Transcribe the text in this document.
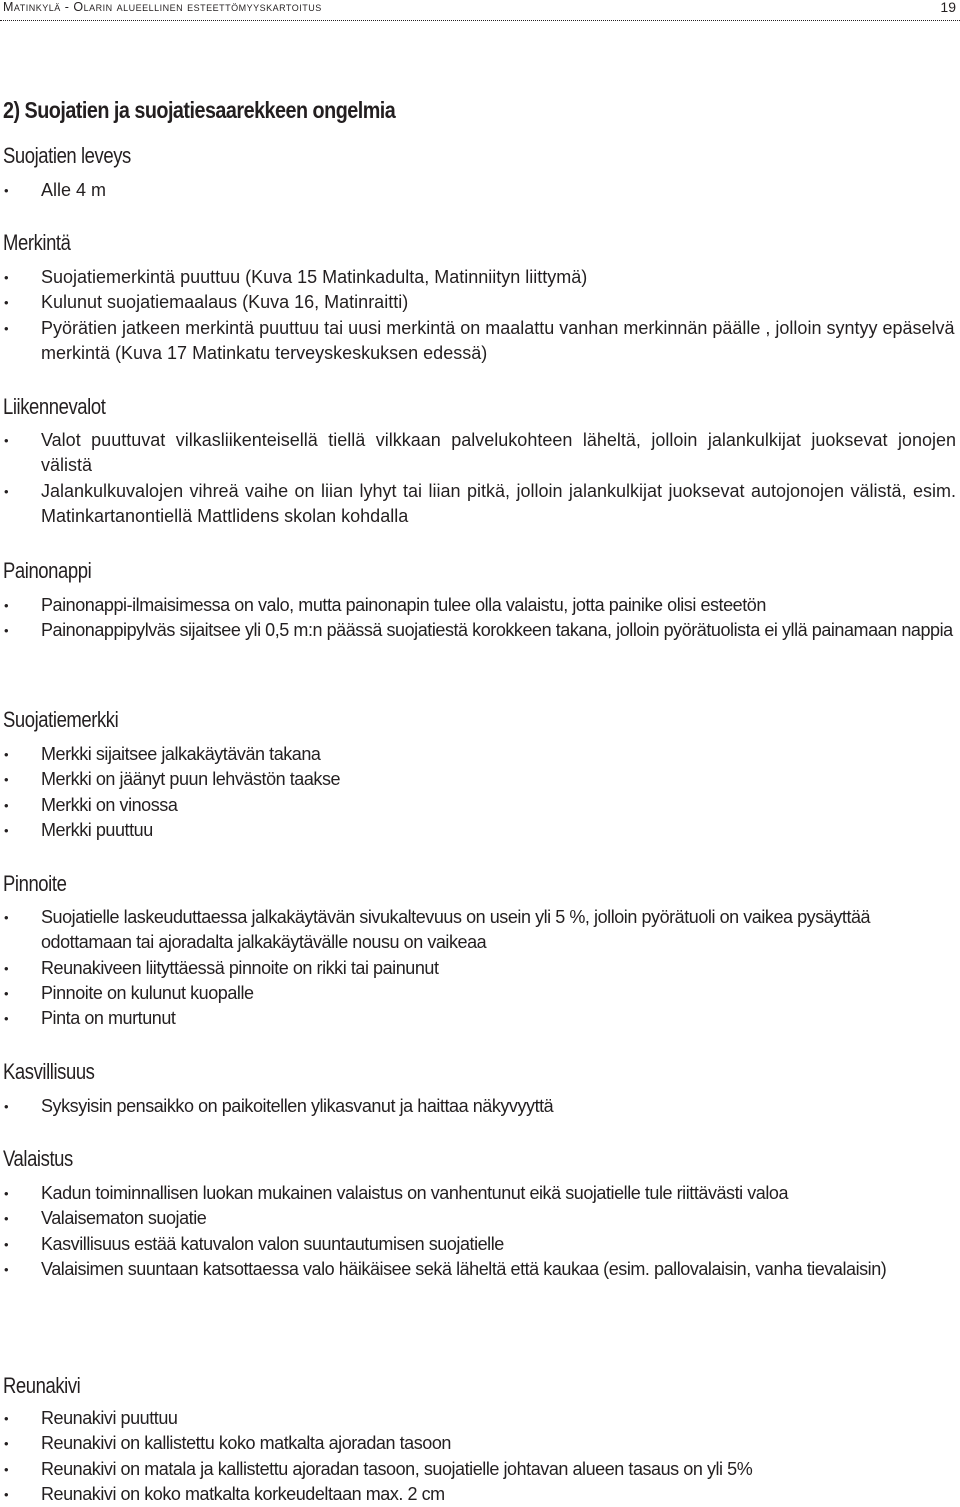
Matinkylä - Olarin alueellinen esteettömyyskartoitus	19
2) Suojatien ja suojatiesaarekkeen ongelmia
Suojatien leveys
• Alle 4 m
Merkintä
• Suojatiemerkintä puuttuu (Kuva 15 Matinkadulta, Matinniityn liittymä)
• Kulunut suojatiemaalaus (Kuva 16, Matinraitti)
• Pyörätien jatkeen merkintä puuttuu tai uusi merkintä on maalattu vanhan merkinnän päälle , jolloin syntyy epäselvä merkintä (Kuva 17 Matinkatu terveyskeskuksen edessä)
Liikennevalot
• Valot puuttuvat vilkasliikenteisellä tiellä vilkkaan palvelukohteen läheltä, jolloin jalankulkijat juoksevat jonojen välistä
• Jalankulkuvalojen vihreä vaihe on liian lyhyt tai liian pitkä, jolloin jalankulkijat juoksevat autojonojen välistä, esim. Matinkartanontiellä Mattlidens skolan kohdalla
Painonappi
• Painonappi-ilmaisimessa on valo, mutta painonapin tulee olla valaistu, jotta painike olisi esteetön
• Painonappipylväs sijaitsee yli 0,5 m:n päässä suojatiestä korokkeen takana, jolloin pyörätuolista ei yllä painamaan nappia
Suojatiemerkki
• Merkki sijaitsee jalkakäytävän takana
• Merkki on jäänyt puun lehvästön taakse
• Merkki on vinossa
• Merkki puuttuu
Pinnoite
• Suojatielle laskeuduttaessa jalkakäytävän sivukaltevuus on usein yli 5 %, jolloin pyörätuoli on vaikea pysäyttää odottamaan tai ajoradalta jalkakäytävälle nousu on vaikeaa
• Reunakiveen liityttäessä pinnoite on rikki tai painunut
• Pinnoite on kulunut kuopalle
• Pinta on murtunut
Kasvillisuus
• Syksyisin pensaikko on paikoitellen ylikasvanut ja haittaa näkyvyyttä
Valaistus
• Kadun toiminnallisen luokan mukainen valaistus on vanhentunut eikä suojatielle tule riittävästi valoa
• Valaisematon suojatie
• Kasvillisuus estää katuvalon valon suuntautumisen suojatielle
• Valaisimen suuntaan katsottaessa valo häikäisee sekä läheltä että kaukaa (esim. pallovalaisin, vanha tievalaisin)
Reunakivi
• Reunakivi puuttuu
• Reunakivi on kallistettu koko matkalta ajoradan tasoon
• Reunakivi on matala ja kallistettu ajoradan tasoon, suojatielle johtavan alueen tasaus on yli 5%
• Reunakivi on koko matkalta korkeudeltaan max. 2 cm
